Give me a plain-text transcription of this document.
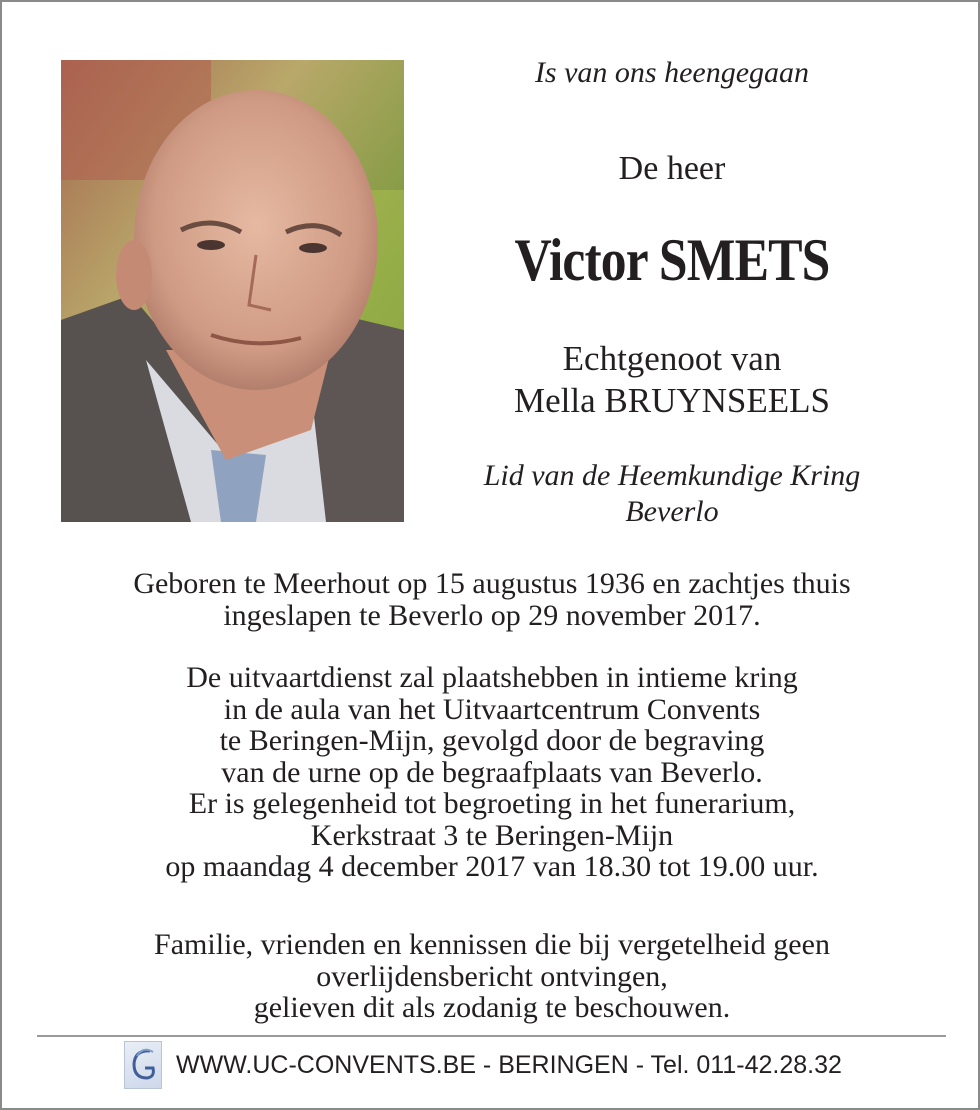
Is van ons heengegaan
De heer
Victor SMETS
Echtgenoot van
Mella BRUYNSEELS
Lid van de Heemkundige Kring
Beverlo
Geboren te Meerhout op 15 augustus 1936 en zachtjes thuis
ingeslapen te Beverlo op 29 november 2017.
De uitvaartdienst zal plaatshebben in intieme kring
in de aula van het Uitvaartcentrum Convents
te Beringen-Mijn, gevolgd door de begraving
van de urne op de begraafplaats van Beverlo.
Er is gelegenheid tot begroeting in het funerarium,
Kerkstraat 3 te Beringen-Mijn
op maandag 4 december 2017 van 18.30 tot 19.00 uur.
Familie, vrienden en kennissen die bij vergetelheid geen
overlijdensbericht ontvingen,
gelieven dit als zodanig te beschouwen.
WWW.UC-CONVENTS.BE - BERINGEN - Tel. 011-42.28.32
